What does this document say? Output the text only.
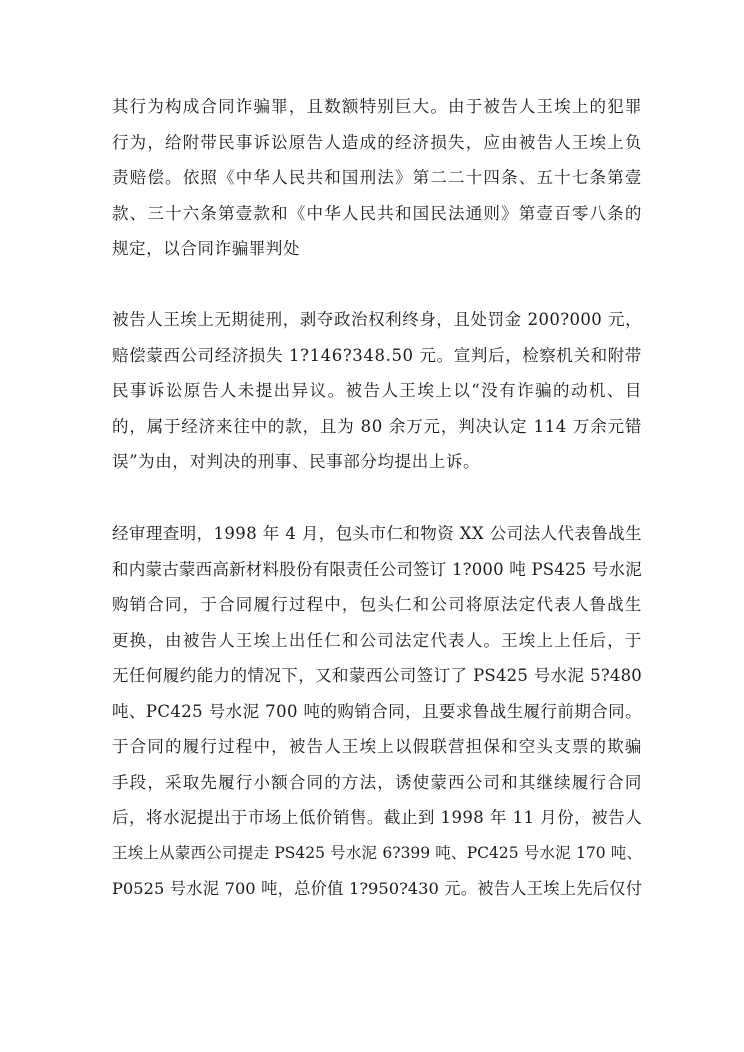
其行为构成合同诈骗罪，且数额特别巨大。由于被告人王埃上的犯罪
行为，给附带民事诉讼原告人造成的经济损失，应由被告人王埃上负
责赔偿。依照《中华人民共和国刑法》第二二十四条、五十七条第壹
款、三十六条第壹款和《中华人民共和国民法通则》第壹百零八条的
规定，以合同诈骗罪判处
被告人王埃上无期徒刑，剥夺政治权利终身，且处罚金 200?000 元，
赔偿蒙西公司经济损失 1?146?348.50 元。宣判后，检察机关和附带
民事诉讼原告人未提出异议。被告人王埃上以“没有诈骗的动机、目
的，属于经济来往中的款，且为 80 余万元，判决认定 114 万余元错
误”为由，对判决的刑事、民事部分均提出上诉。
经审理查明，1998 年 4 月，包头市仁和物资 XX 公司法人代表鲁战生
和内蒙古蒙西高新材料股份有限责任公司签订 1?000 吨 PS425 号水泥
购销合同，于合同履行过程中，包头仁和公司将原法定代表人鲁战生
更换，由被告人王埃上出任仁和公司法定代表人。王埃上上任后，于
无任何履约能力的情况下，又和蒙西公司签订了 PS425 号水泥 5?480
吨、PC425 号水泥 700 吨的购销合同，且要求鲁战生履行前期合同。
于合同的履行过程中，被告人王埃上以假联营担保和空头支票的欺骗
手段，采取先履行小额合同的方法，诱使蒙西公司和其继续履行合同
后，将水泥提出于市场上低价销售。截止到 1998 年 11 月份，被告人
王埃上从蒙西公司提走 PS425 号水泥 6?399 吨、PC425 号水泥 170 吨、
P0525 号水泥 700 吨，总价值 1?950?430 元。被告人王埃上先后仅付
